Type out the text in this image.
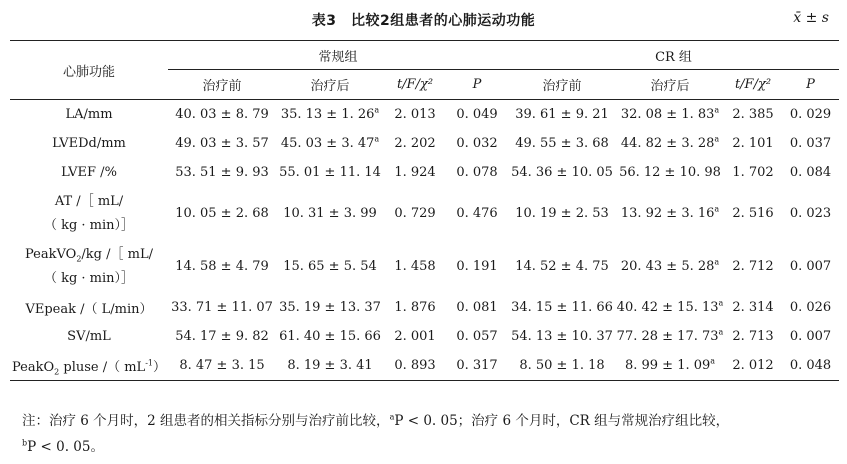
表3　比较2组患者的心肺运动功能	x̄ ± s
心肺功能	常规组				CR 组			
	治疗前	治疗后	t/F/χ²	P	治疗前	治疗后	t/F/χ²	P
LA/mm	40. 03 ± 8. 79	35. 13 ± 1. 26$^a$	2. 013	0. 049	39. 61 ± 9. 21	32. 08 ± 1. 83$^a$	2. 385	0. 029
LVEDd/mm	49. 03 ± 3. 57	45. 03 ± 3. 47$^a$	2. 202	0. 032	49. 55 ± 3. 68	44. 82 ± 3. 28$^a$	2. 101	0. 037
LVEF /%	53. 51 ± 9. 93	55. 01 ± 11. 14	1. 924	0. 078	54. 36 ± 10. 05	56. 12 ± 10. 98	1. 702	0. 084
AT /［ mL/
（ kg · min）］	10. 05 ± 2. 68	10. 31 ± 3. 99	0. 729	0. 476	10. 19 ± 2. 53	13. 92 ± 3. 16$^a$	2. 516	0. 023
PeakVO$_2$/kg /［ mL/
（ kg · min）］	14. 58 ± 4. 79	15. 65 ± 5. 54	1. 458	0. 191	14. 52 ± 4. 75	20. 43 ± 5. 28$^a$	2. 712	0. 007
VEpeak /（ L/min）	33. 71 ± 11. 07	35. 19 ± 13. 37	1. 876	0. 081	34. 15 ± 11. 66	40. 42 ± 15. 13$^a$	2. 314	0. 026
SV/mL	54. 17 ± 9. 82	61. 40 ± 15. 66	2. 001	0. 057	54. 13 ± 10. 37	77. 28 ± 17. 73$^a$	2. 713	0. 007
PeakO$_2$ pluse /（ $mL^{-1}$）	8. 47 ± 3. 15	8. 19 ± 3. 41	0. 893	0. 317	8. 50 ± 1. 18	8. 99 ± 1. 09$^a$	2. 012	0. 048
注：治疗 6 个月时，2 组患者的相关指标分别与治疗前比较，$^a$P < 0. 05；治疗 6 个月时，CR 组与常规治疗组比较，
$^b$P < 0. 05。
